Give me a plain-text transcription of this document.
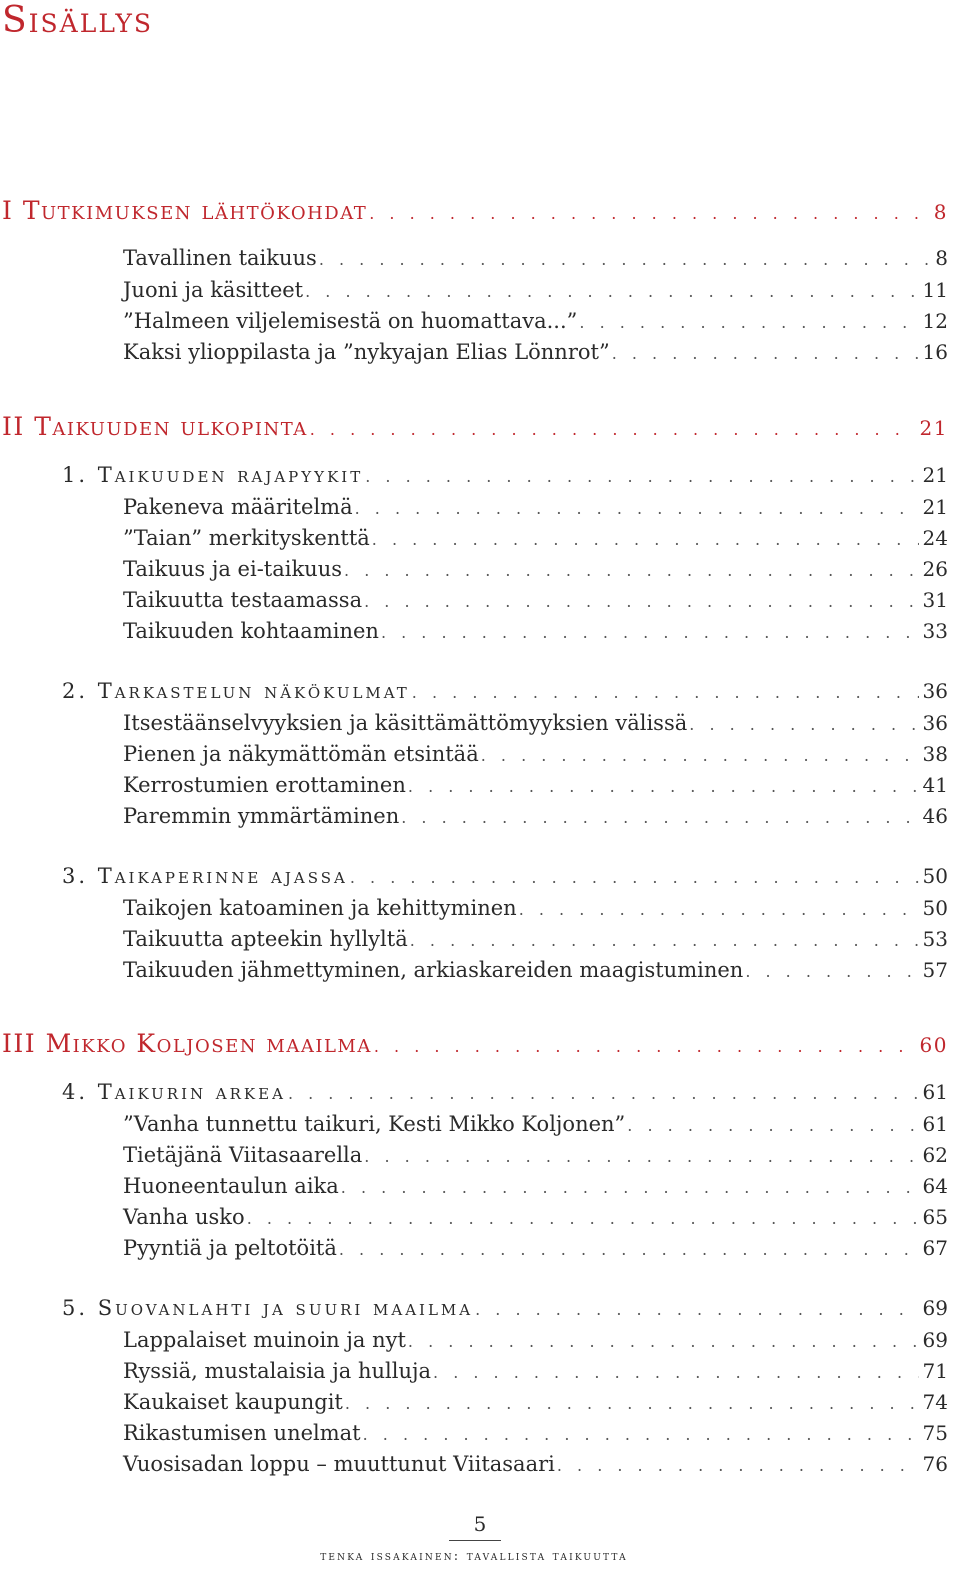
Sisällys
I Tutkimuksen lähtökohdat . . .	8
Tavallinen taikuus . . .	8
Juoni ja käsitteet . . .	11
”Halmeen viljelemisestä on huomattava...” . . .	12
Kaksi ylioppilasta ja ”nykyajan Elias Lönnrot” . . .	16
II Taikuuden ulkopinta . . .	21
1. Taikuuden rajapyykit . . .	21
Pakeneva määritelmä . . .	21
”Taian” merkityskenttä . . .	24
Taikuus ja ei-taikuus . . .	26
Taikuutta testaamassa . . .	31
Taikuuden kohtaaminen . . .	33
2. Tarkastelun näkökulmat . . .	36
Itsestäänselvyyksien ja käsittämättömyyksien välissä . . .	36
Pienen ja näkymättömän etsintää . . .	38
Kerrostumien erottaminen . . .	41
Paremmin ymmärtäminen . . .	46
3. Taikaperinne ajassa . . .	50
Taikojen katoaminen ja kehittyminen . . .	50
Taikuutta apteekin hyllyltä . . .	53
Taikuuden jähmettyminen, arkiaskareiden maagistuminen . . .	57
III Mikko Koljosen maailma . . .	60
4. Taikurin arkea . . .	61
”Vanha tunnettu taikuri, Kesti Mikko Koljonen” . . .	61
Tietäjänä Viitasaarella . . .	62
Huoneentaulun aika . . .	64
Vanha usko . . .	65
Pyyntiä ja peltotöitä . . .	67
5. Suovanlahti ja suuri maailma . . .	69
Lappalaiset muinoin ja nyt . . .	69
Ryssiä, mustalaisia ja hulluja . . .	71
Kaukaiset kaupungit . . .	74
Rikastumisen unelmat . . .	75
Vuosisadan loppu – muuttunut Viitasaari . . .	76
5
tenka issakainen: tavallista taikuutta
